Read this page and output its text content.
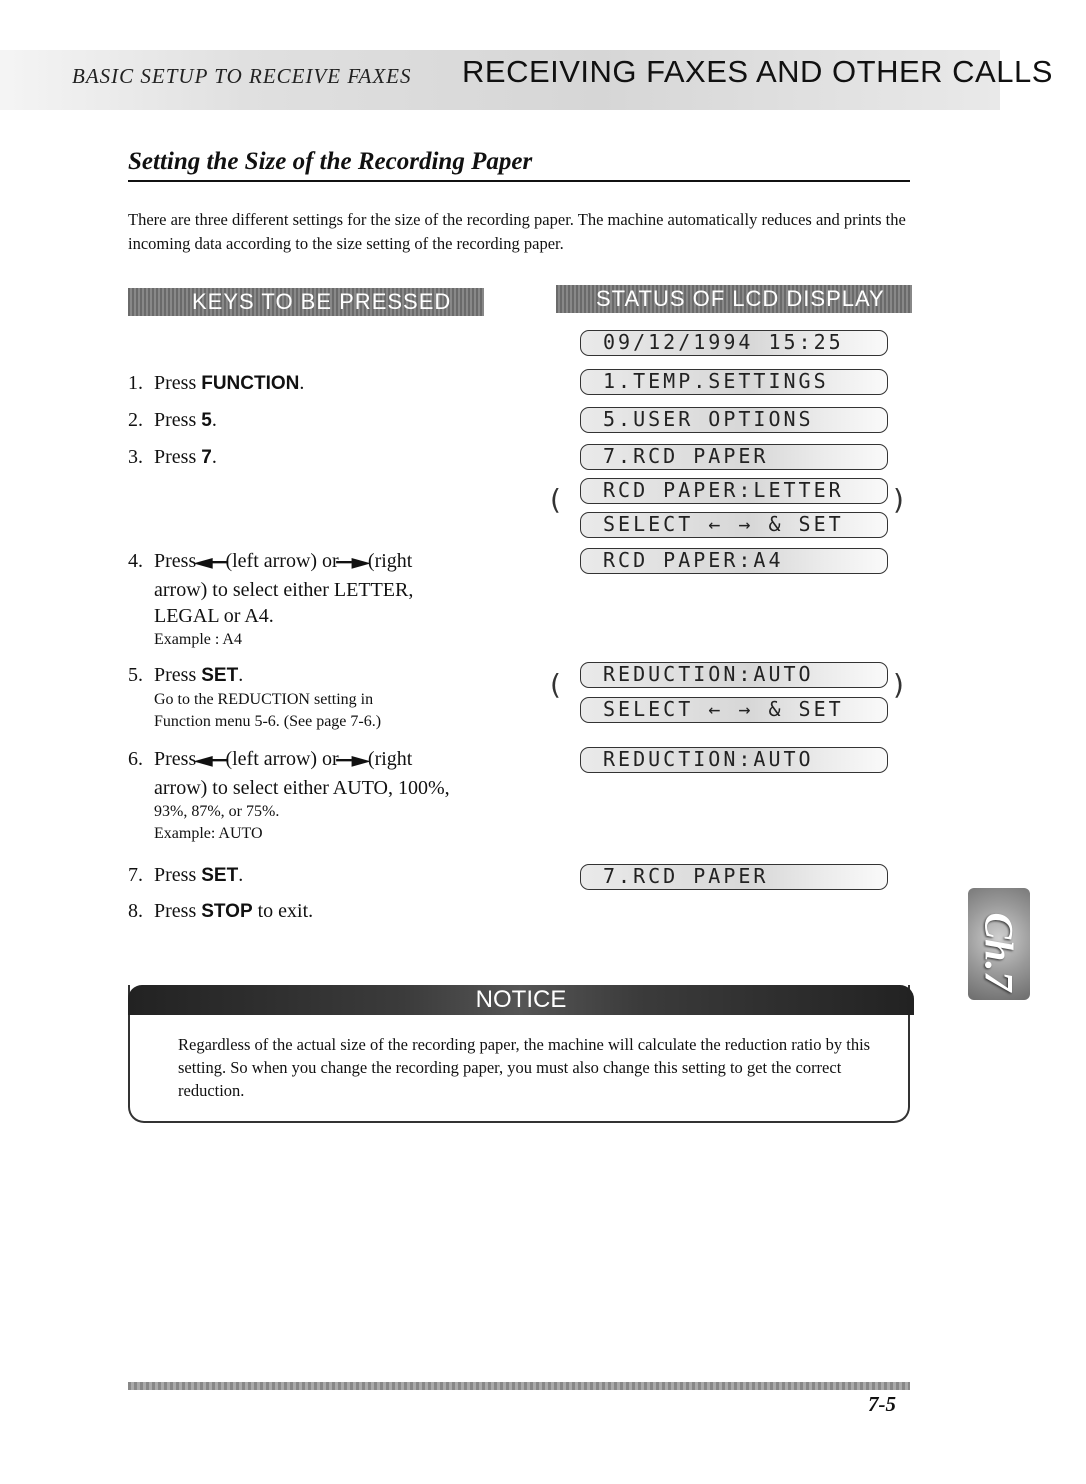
BASIC SETUP TO RECEIVE FAXES RECEIVING FAXES AND OTHER CALLS
Setting the Size of the Recording Paper
There are three different settings for the size of the recording paper. The machine automatically reduces and prints the incoming data according to the size setting of the recording paper.
KEYS TO BE PRESSED	STATUS OF LCD DISPLAY
1. Press FUNCTION.
2. Press 5.
3. Press 7.
4. Press ◀━ (left arrow) or ━▶ (right
arrow) to select either LETTER,
LEGAL or A4.
Example : A4
5. Press SET.
Go to the REDUCTION setting in
Function menu 5-6. (See page 7-6.)
6. Press ◀━ (left arrow) or ━▶ (right
arrow) to select either AUTO, 100%,
93%, 87%, or 75%.
Example: AUTO
7. Press SET.
8. Press STOP to exit.
09/12/1994 15:25
1.TEMP.SETTINGS
5.USER OPTIONS
7.RCD PAPER
RCD PAPER:LETTER
SELECT ← → & SET
RCD PAPER:A4
REDUCTION:AUTO
SELECT ← → & SET
REDUCTION:AUTO
7.RCD PAPER
(	)
(	)
NOTICE
Regardless of the actual size of the recording paper, the machine will calculate the reduction ratio by this setting. So when you change the recording paper, you must also change this setting to get the correct reduction.
Ch.7
7-5
